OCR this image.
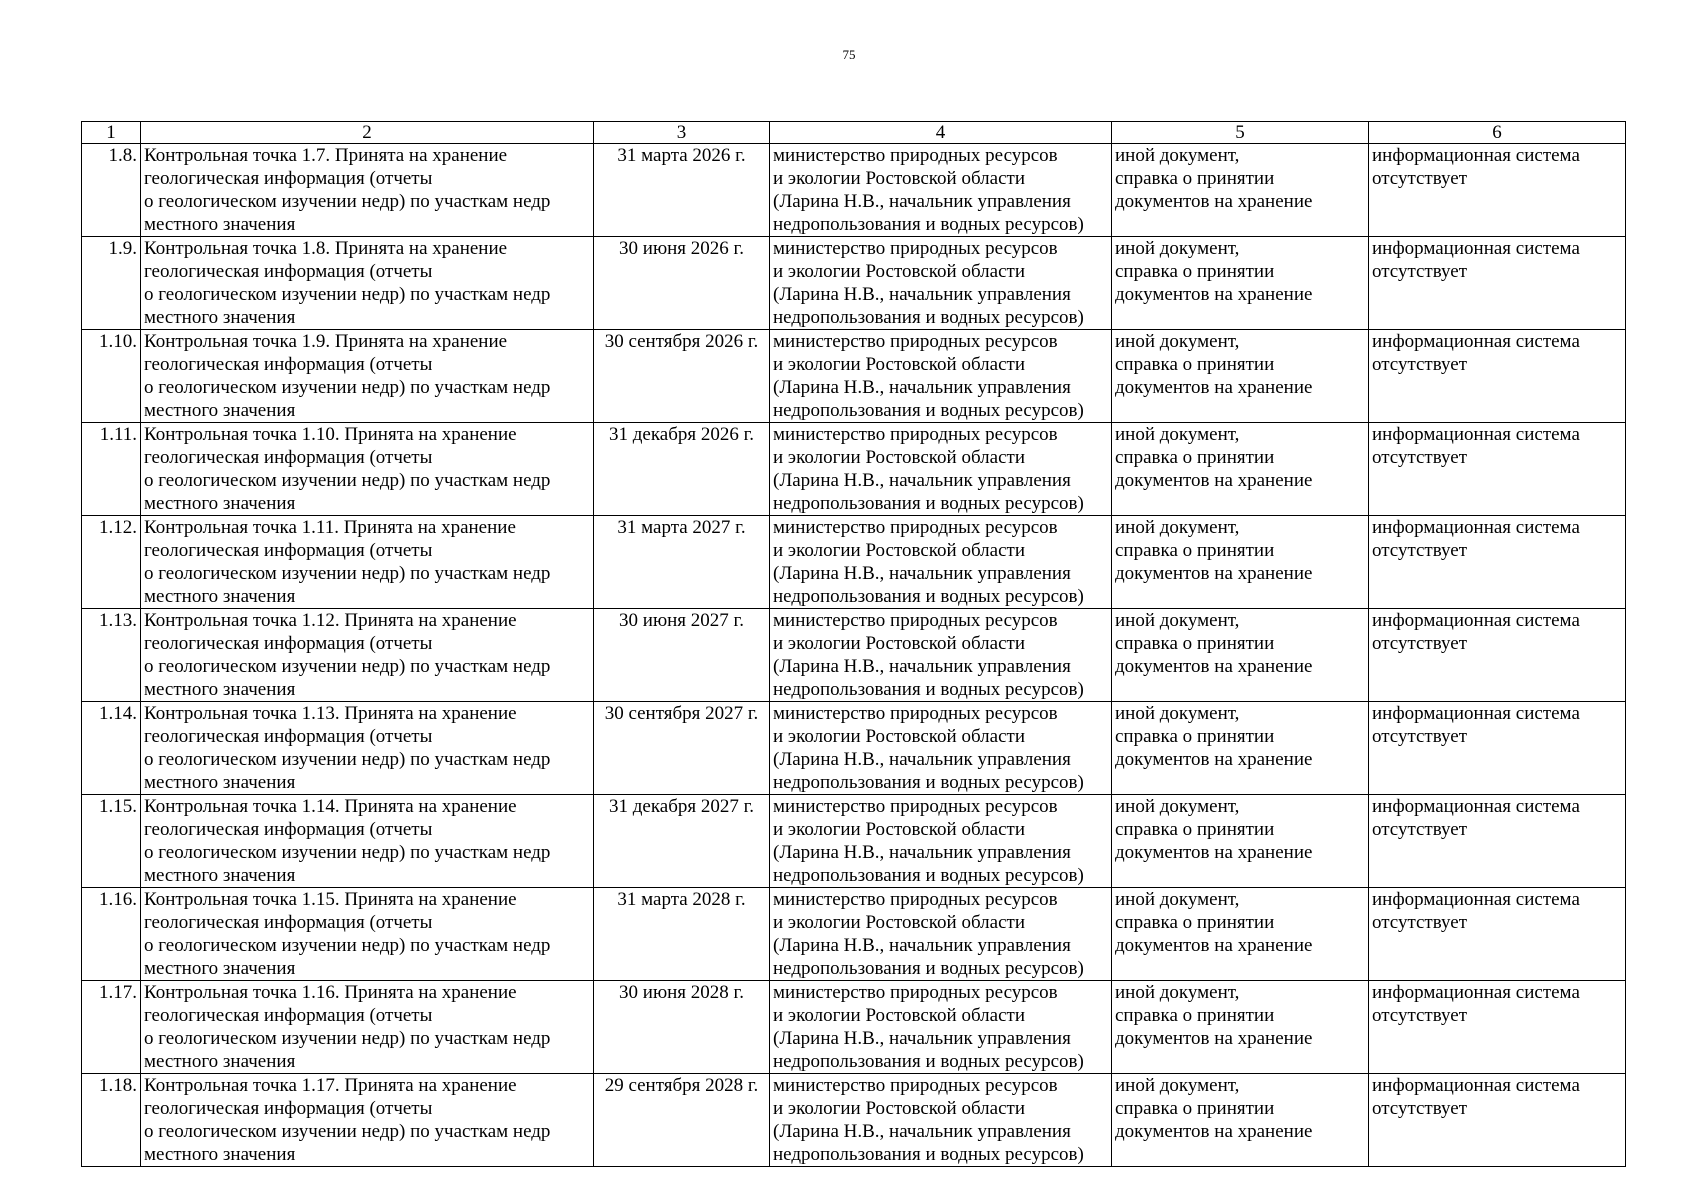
75
1	2	3	4	5	6
1.8.	Контрольная точка 1.7. Принята на хранение
геологическая информация (отчеты
о геологическом изучении недр) по участкам недр
местного значения	31 марта 2026 г.	министерство природных ресурсов
и экологии Ростовской области
(Ларина Н.В., начальник управления
недропользования и водных ресурсов)	иной документ,
справка о принятии
документов на хранение	информационная система
отсутствует
1.9.	Контрольная точка 1.8. Принята на хранение
геологическая информация (отчеты
о геологическом изучении недр) по участкам недр
местного значения	30 июня 2026 г.	министерство природных ресурсов
и экологии Ростовской области
(Ларина Н.В., начальник управления
недропользования и водных ресурсов)	иной документ,
справка о принятии
документов на хранение	информационная система
отсутствует
1.10.	Контрольная точка 1.9. Принята на хранение
геологическая информация (отчеты
о геологическом изучении недр) по участкам недр
местного значения	30 сентября 2026 г.	министерство природных ресурсов
и экологии Ростовской области
(Ларина Н.В., начальник управления
недропользования и водных ресурсов)	иной документ,
справка о принятии
документов на хранение	информационная система
отсутствует
1.11.	Контрольная точка 1.10. Принята на хранение
геологическая информация (отчеты
о геологическом изучении недр) по участкам недр
местного значения	31 декабря 2026 г.	министерство природных ресурсов
и экологии Ростовской области
(Ларина Н.В., начальник управления
недропользования и водных ресурсов)	иной документ,
справка о принятии
документов на хранение	информационная система
отсутствует
1.12.	Контрольная точка 1.11. Принята на хранение
геологическая информация (отчеты
о геологическом изучении недр) по участкам недр
местного значения	31 марта 2027 г.	министерство природных ресурсов
и экологии Ростовской области
(Ларина Н.В., начальник управления
недропользования и водных ресурсов)	иной документ,
справка о принятии
документов на хранение	информационная система
отсутствует
1.13.	Контрольная точка 1.12. Принята на хранение
геологическая информация (отчеты
о геологическом изучении недр) по участкам недр
местного значения	30 июня 2027 г.	министерство природных ресурсов
и экологии Ростовской области
(Ларина Н.В., начальник управления
недропользования и водных ресурсов)	иной документ,
справка о принятии
документов на хранение	информационная система
отсутствует
1.14.	Контрольная точка 1.13. Принята на хранение
геологическая информация (отчеты
о геологическом изучении недр) по участкам недр
местного значения	30 сентября 2027 г.	министерство природных ресурсов
и экологии Ростовской области
(Ларина Н.В., начальник управления
недропользования и водных ресурсов)	иной документ,
справка о принятии
документов на хранение	информационная система
отсутствует
1.15.	Контрольная точка 1.14. Принята на хранение
геологическая информация (отчеты
о геологическом изучении недр) по участкам недр
местного значения	31 декабря 2027 г.	министерство природных ресурсов
и экологии Ростовской области
(Ларина Н.В., начальник управления
недропользования и водных ресурсов)	иной документ,
справка о принятии
документов на хранение	информационная система
отсутствует
1.16.	Контрольная точка 1.15. Принята на хранение
геологическая информация (отчеты
о геологическом изучении недр) по участкам недр
местного значения	31 марта 2028 г.	министерство природных ресурсов
и экологии Ростовской области
(Ларина Н.В., начальник управления
недропользования и водных ресурсов)	иной документ,
справка о принятии
документов на хранение	информационная система
отсутствует
1.17.	Контрольная точка 1.16. Принята на хранение
геологическая информация (отчеты
о геологическом изучении недр) по участкам недр
местного значения	30 июня 2028 г.	министерство природных ресурсов
и экологии Ростовской области
(Ларина Н.В., начальник управления
недропользования и водных ресурсов)	иной документ,
справка о принятии
документов на хранение	информационная система
отсутствует
1.18.	Контрольная точка 1.17. Принята на хранение
геологическая информация (отчеты
о геологическом изучении недр) по участкам недр
местного значения	29 сентября 2028 г.	министерство природных ресурсов
и экологии Ростовской области
(Ларина Н.В., начальник управления
недропользования и водных ресурсов)	иной документ,
справка о принятии
документов на хранение	информационная система
отсутствует
